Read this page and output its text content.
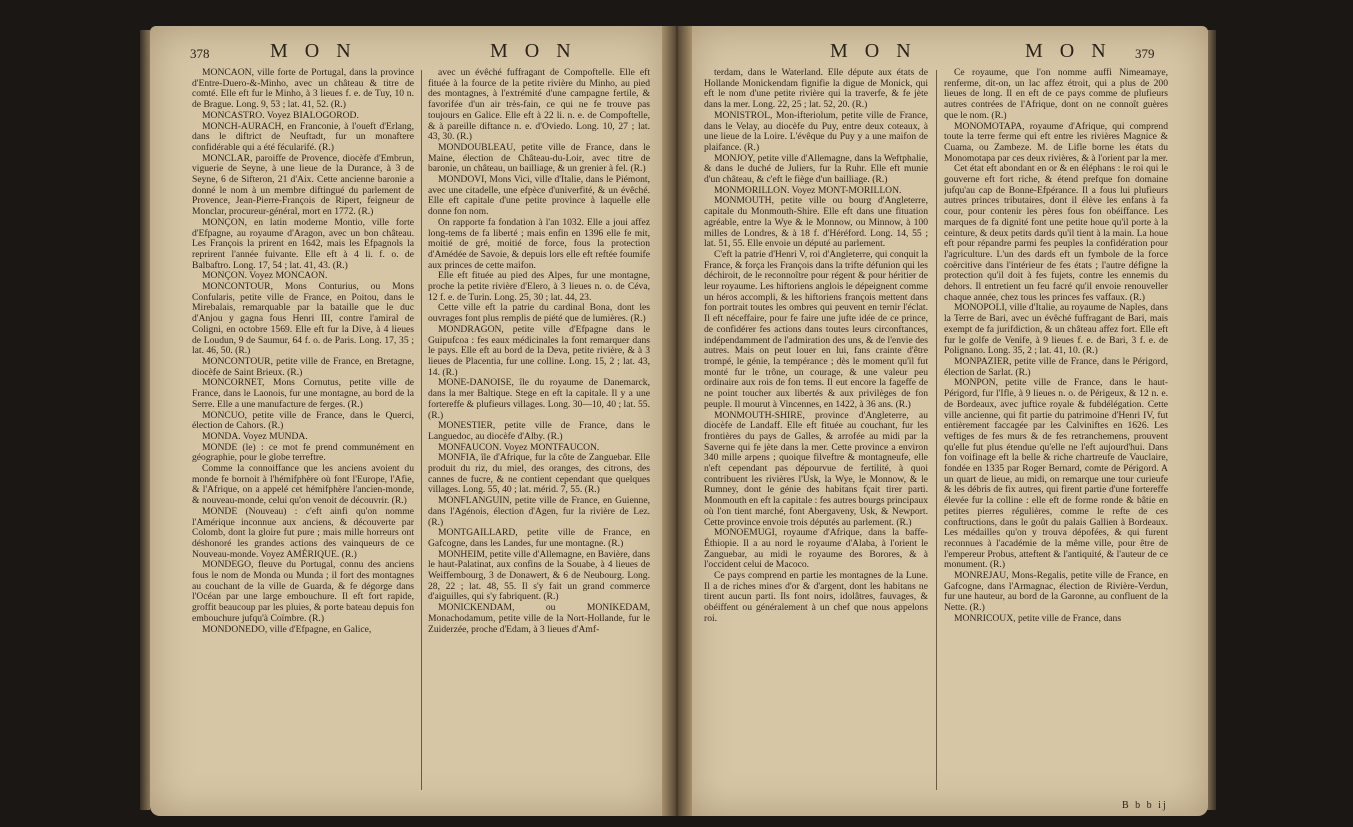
378	M O N	M O N	M O N	M O N 379

MONCAON, ville forte de Portugal, dans la province d'Entre-Duero-&-Minho, avec un château & titre de comté. Elle eft fur le Minho, à 3 lieues f. e. de Tuy, 10 n. de Brague. Long. 9, 53 ; lat. 41, 52. (R.)

MONCASTRO. Voyez BIALOGOROD.

MONCH-AURACH, en Franconie, à l'oueft d'Erlang, dans le diftrict de Neuftadt, fur un monaftere confidérable qui a été fécularifé. (R.)

MONCLAR, paroiffe de Provence, diocèfe d'Embrun, viguerie de Seyne, à une lieue de la Durance, à 3 de Seyne, 6 de Sifteron, 21 d'Aix. Cette ancienne baronie a donné le nom à un membre diftingué du parlement de Provence, Jean-Pierre-François de Ripert, feigneur de Monclar, procureur-général, mort en 1772. (R.)

MONÇON, en latin moderne Montio, ville forte d'Efpagne, au royaume d'Aragon, avec un bon château. Les François la prirent en 1642, mais les Efpagnols la reprirent l'année fuivante. Elle eft à 4 li. f. o. de Balbaftro. Long. 17, 54 ; lat. 41, 43. (R.)

MONÇON. Voyez MONCAON.

MONCONTOUR, Mons Conturius, ou Mons Confularis, petite ville de France, en Poitou, dans le Mirebalais, remarquable par la bataille que le duc d'Anjou y gagna fous Henri III, contre l'amiral de Coligni, en octobre 1569. Elle eft fur la Dive, à 4 lieues de Loudun, 9 de Saumur, 64 f. o. de Paris. Long. 17, 35 ; lat. 46, 50. (R.)

MONCONTOUR, petite ville de France, en Bretagne, diocèfe de Saint Brieux. (R.)

MONCORNET, Mons Cornutus, petite ville de France, dans le Laonois, fur une montagne, au bord de la Serre. Elle a une manufacture de ferges. (R.)

MONCUO, petite ville de France, dans le Querci, élection de Cahors. (R.)

MONDA. Voyez MUNDA.

MONDE (le) : ce mot fe prend communément en géographie, pour le globe terreftre.

Comme la connoiffance que les anciens avoient du monde fe bornoit à l'hémifphère où font l'Europe, l'Afie, & l'Afrique, on a appelé cet hémifphère l'ancien-monde, & nouveau-monde, celui qu'on venoit de découvrir. (R.)

MONDE (Nouveau) : c'eft ainfi qu'on nomme l'Amérique inconnue aux anciens, & découverte par Colomb, dont la gloire fut pure ; mais mille horreurs ont déshonoré les grandes actions des vainqueurs de ce Nouveau-monde. Voyez AMÉRIQUE. (R.)

MONDEGO, fleuve du Portugal, connu des anciens fous le nom de Monda ou Munda ; il fort des montagnes au couchant de la ville de Guarda, & fe dégorge dans l'Océan par une large embouchure. Il eft fort rapide, groffit beaucoup par les pluies, & porte bateau depuis fon embouchure jufqu'à Coïmbre. (R.)

MONDONEDO, ville d'Efpagne, en Galice,

avec un évêché fuffragant de Compoftelle. Elle eft fituée à la fource de la petite rivière du Minho, au pied des montagnes, à l'extrémité d'une campagne fertile, & favorifée d'un air très-fain, ce qui ne fe trouve pas toujours en Galice. Elle eft à 22 li. n. e. de Compoftelle, & à pareille diftance n. e. d'Oviedo. Long. 10, 27 ; lat. 43, 30. (R.)

MONDOUBLEAU, petite ville de France, dans le Maine, élection de Château-du-Loir, avec titre de baronie, un château, un bailliage, & un grenier à fel. (R.)

MONDOVI, Mons Vici, ville d'Italie, dans le Piémont, avec une citadelle, une efpèce d'univerfité, & un évêché. Elle eft capitale d'une petite province à laquelle elle donne fon nom.

On rapporte fa fondation à l'an 1032. Elle a joui affez long-tems de fa liberté ; mais enfin en 1396 elle fe mit, moitié de gré, moitié de force, fous la protection d'Amédée de Savoie, & depuis lors elle eft reftée foumife aux princes de cette maifon.

Elle eft fituée au pied des Alpes, fur une montagne, proche la petite rivière d'Elero, à 3 lieues n. o. de Céva, 12 f. e. de Turin. Long. 25, 30 ; lat. 44, 23.

Cette ville eft la patrie du cardinal Bona, dont les ouvrages font plus remplis de piété que de lumières. (R.)

MONDRAGON, petite ville d'Efpagne dans le Guipufcoa : fes eaux médicinales la font remarquer dans le pays. Elle eft au bord de la Deva, petite rivière, & à 3 lieues de Placentia, fur une colline. Long. 15, 2 ; lat. 43, 14. (R.)

MONE-DANOISE, île du royaume de Danemarck, dans la mer Baltique. Stege en eft la capitale. Il y a une fortereffe & plufieurs villages. Long. 30—10, 40 ; lat. 55. (R.)

MONESTIER, petite ville de France, dans le Languedoc, au diocèfe d'Alby. (R.)

MONFAUCON. Voyez MONTFAUCON.

MONFIA, île d'Afrique, fur la côte de Zanguebar. Elle produit du riz, du miel, des oranges, des citrons, des cannes de fucre, & ne contient cependant que quelques villages. Long. 55, 40 ; lat. mérid. 7, 55. (R.)

MONFLANGUIN, petite ville de France, en Guienne, dans l'Agénois, élection d'Agen, fur la rivière de Lez. (R.)

MONTGAILLARD, petite ville de France, en Gafcogne, dans les Landes, fur une montagne. (R.)

MONHEIM, petite ville d'Allemagne, en Bavière, dans le haut-Palatinat, aux confins de la Souabe, à 4 lieues de Weiffembourg, 3 de Donawert, & 6 de Neubourg. Long. 28, 22 ; lat. 48, 55. Il s'y fait un grand commerce d'aiguilles, qui s'y fabriquent. (R.)

MONICKENDAM, ou MONIKEDAM, Monachodamum, petite ville de la Nort-Hollande, fur le Zuiderzée, proche d'Edam, à 3 lieues d'Amf-

terdam, dans le Waterland. Elle députe aux états de Hollande Monickendam fignifie la digue de Monick, qui eft le nom d'une petite rivière qui la traverfe, & fe jète dans la mer. Long. 22, 25 ; lat. 52, 20. (R.)

MONISTROL, Mon-ifteriolum, petite ville de France, dans le Velay, au diocèfe du Puy, entre deux coteaux, à une lieue de la Loire. L'évêque du Puy y a une maifon de plaifance. (R.)

MONJOY, petite ville d'Allemagne, dans la Weftphalie, & dans le duché de Juliers, fur la Ruhr. Elle eft munie d'un château, & c'eft le fiège d'un bailliage. (R.)

MONMORILLON. Voyez MONT-MORILLON.

MONMOUTH, petite ville ou bourg d'Angleterre, capitale du Monmouth-Shire. Elle eft dans une fituation agréable, entre la Wye & le Monnow, ou Minnow, à 100 milles de Londres, & à 18 f. d'Héréford. Long. 14, 55 ; lat. 51, 55. Elle envoie un député au parlement.

C'eft la patrie d'Henri V, roi d'Angleterre, qui conquit la France, & força les François dans la trifte défunion qui les déchiroit, de le reconnoître pour régent & pour héritier de leur royaume. Les hiftoriens anglois le dépeignent comme un héros accompli, & les hiftoriens françois mettent dans fon portrait toutes les ombres qui peuvent en ternir l'éclat. Il eft néceffaire, pour fe faire une jufte idée de ce prince, de confidérer fes actions dans toutes leurs circonftances, indépendamment de l'admiration des uns, & de l'envie des autres. Mais on peut louer en lui, fans crainte d'être trompé, le génie, la tempérance ; dès le moment qu'il fut monté fur le trône, un courage, & une valeur peu ordinaire aux rois de fon tems. Il eut encore la fageffe de ne point toucher aux libertés & aux privilèges de fon peuple. Il mourut à Vincennes, en 1422, à 36 ans. (R.)

MONMOUTH-SHIRE, province d'Angleterre, au diocèfe de Landaff. Elle eft fituée au couchant, fur les frontières du pays de Galles, & arrofée au midi par la Saverne qui fe jète dans la mer. Cette province a environ 340 mille arpens ; quoique filveftre & montagneufe, elle n'eft cependant pas dépourvue de fertilité, à quoi contribuent les rivières l'Usk, la Wye, le Monnow, & le Rumney, dont le génie des habitans fçait tirer parti. Monmouth en eft la capitale : fes autres bourgs principaux où l'on tient marché, font Abergaveny, Usk, & Newport. Cette province envoie trois députés au parlement. (R.)

MONOEMUGI, royaume d'Afrique, dans la baffe-Éthiopie. Il a au nord le royaume d'Alaba, à l'orient le Zanguebar, au midi le royaume des Borores, & à l'occident celui de Macoco.

Ce pays comprend en partie les montagnes de la Lune. Il a de riches mines d'or & d'argent, dont les habitans ne tirent aucun parti. Ils font noirs, idolâtres, fauvages, & obéiffent ou généralement à un chef que nous appelons roi.

Ce royaume, que l'on nomme auffi Nimeamaye, renferme, dit-on, un lac affez étroit, qui a plus de 200 lieues de long. Il en eft de ce pays comme de plufieurs autres contrées de l'Afrique, dont on ne connoît guères que le nom. (R.)

MONOMOTAPA, royaume d'Afrique, qui comprend toute la terre ferme qui eft entre les rivières Magnice & Cuama, ou Zambeze. M. de Lifle borne les états du Monomotapa par ces deux rivières, & à l'orient par la mer.

Cet état eft abondant en or & en éléphans : le roi qui le gouverne eft fort riche, & étend prefque fon domaine jufqu'au cap de Bonne-Efpérance. Il a fous lui plufieurs autres princes tributaires, dont il élève les enfans à fa cour, pour contenir les pères fous fon obéiffance. Les marques de fa dignité font une petite houe qu'il porte à la ceinture, & deux petits dards qu'il tient à la main. La houe eft pour répandre parmi fes peuples la confidération pour l'agriculture. L'un des dards eft un fymbole de la force coërcitive dans l'intérieur de fes états ; l'autre défigne la protection qu'il doit à fes fujets, contre les ennemis du dehors. Il entretient un feu facré qu'il envoie renouveller chaque année, chez tous les princes fes vaffaux. (R.)

MONOPOLI, ville d'Italie, au royaume de Naples, dans la Terre de Bari, avec un évêché fuffragant de Bari, mais exempt de fa jurifdiction, & un château affez fort. Elle eft fur le golfe de Venife, à 9 lieues f. e. de Bari, 3 f. e. de Polignano. Long. 35, 2 ; lat. 41, 10. (R.)

MONPAZIER, petite ville de France, dans le Périgord, élection de Sarlat. (R.)

MONPON, petite ville de France, dans le haut-Périgord, fur l'Ifle, à 9 lieues n. o. de Périgeux, & 12 n. e. de Bordeaux, avec juftice royale & fubdélégation. Cette ville ancienne, qui fit partie du patrimoine d'Henri IV, fut entièrement faccagée par les Calviniftes en 1626. Les veftiges de fes murs & de fes retranchemens, prouvent qu'elle fut plus étendue qu'elle ne l'eft aujourd'hui. Dans fon voifinage eft la belle & riche chartreufe de Vauclaire, fondée en 1335 par Roger Bernard, comte de Périgord. A un quart de lieue, au midi, on remarque une tour curieufe & les débris de fix autres, qui firent partie d'une fortereffe élevée fur la colline : elle eft de forme ronde & bâtie en petites pierres régulières, comme le refte de ces conftructions, dans le goût du palais Gallien à Bordeaux. Les médailles qu'on y trouva dépofées, & qui furent reconnues à l'académie de la même ville, pour être de l'empereur Probus, atteftent & l'antiquité, & l'auteur de ce monument. (R.)

MONREJAU, Mons-Regalis, petite ville de France, en Gafcogne, dans l'Armagnac, élection de Rivière-Verdun, fur une hauteur, au bord de la Garonne, au confluent de la Nette. (R.)

MONRICOUX, petite ville de France, dans

B b b ij
